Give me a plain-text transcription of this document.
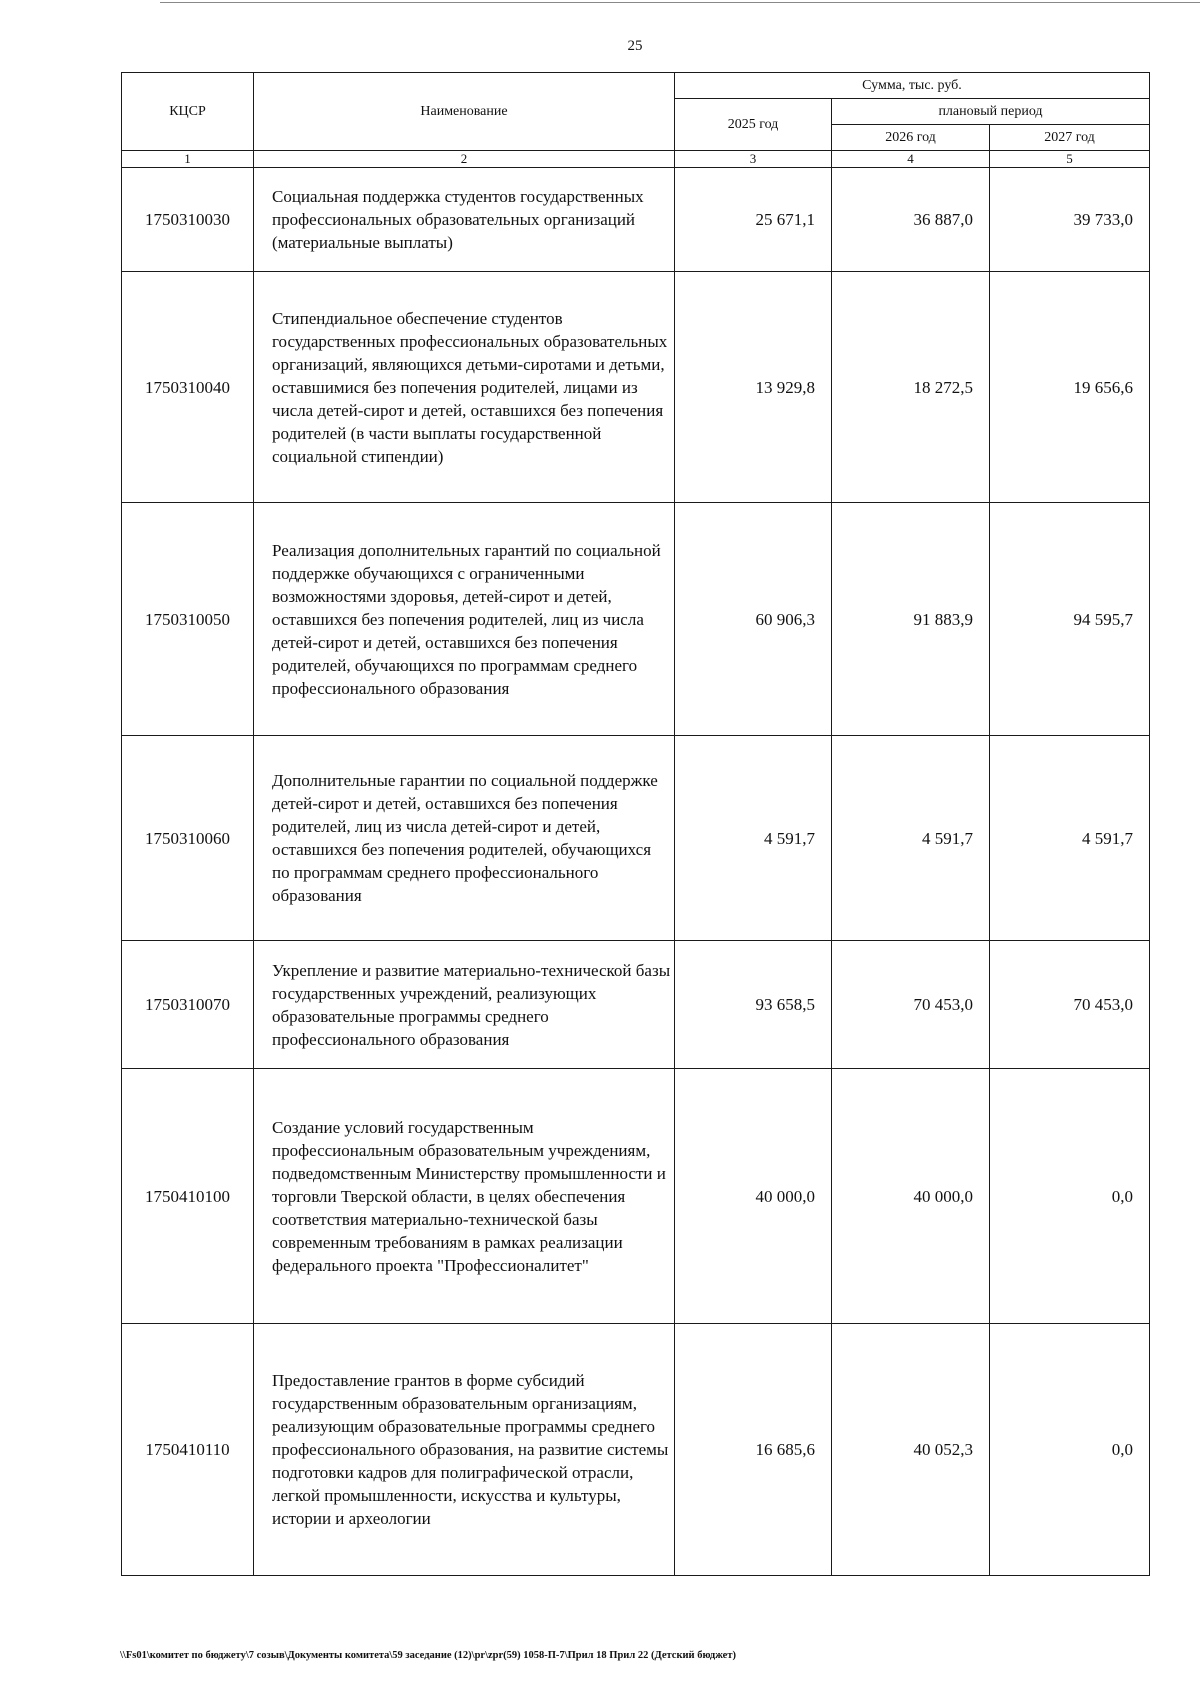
25
КЦСР	Наименование	Сумма, тыс. руб.		
		2025 год	плановый период	
			2026 год	2027 год
1	2	3	4	5
1750310030	Социальная поддержка студентов государственных профессиональных образовательных организаций (материальные выплаты)	25 671,1	36 887,0	39 733,0
1750310040	Стипендиальное обеспечение студентов государственных профессиональных образовательных организаций, являющихся детьми-сиротами и детьми, оставшимися без попечения родителей, лицами из числа детей-сирот и детей, оставшихся без попечения родителей (в части выплаты государственной социальной стипендии)	13 929,8	18 272,5	19 656,6
1750310050	Реализация дополнительных гарантий по социальной поддержке обучающихся с ограниченными возможностями здоровья, детей-сирот и детей, оставшихся без попечения родителей, лиц из числа детей-сирот и детей, оставшихся без попечения родителей, обучающихся по программам среднего профессионального образования	60 906,3	91 883,9	94 595,7
1750310060	Дополнительные гарантии по социальной поддержке детей-сирот и детей, оставшихся без попечения родителей, лиц из числа детей-сирот и детей, оставшихся без попечения родителей, обучающихся по программам среднего профессионального образования	4 591,7	4 591,7	4 591,7
1750310070	Укрепление и развитие материально-технической базы государственных учреждений, реализующих образовательные программы среднего профессионального образования	93 658,5	70 453,0	70 453,0
1750410100	Создание условий государственным профессиональным образовательным учреждениям, подведомственным Министерству промышленности и торговли Тверской области, в целях обеспечения соответствия материально-технической базы современным требованиям в рамках реализации федерального проекта "Профессионалитет"	40 000,0	40 000,0	0,0
1750410110	Предоставление грантов в форме субсидий государственным образовательным организациям, реализующим образовательные программы среднего профессионального образования, на развитие системы подготовки кадров для полиграфической отрасли, легкой промышленности, искусства и культуры, истории и археологии	16 685,6	40 052,3	0,0
\\Fs01\комитет по бюджету\7 созыв\Документы комитета\59 заседание (12)\pr\zpr(59) 1058-П-7\Прил 18 Прил 22 (Детский бюджет)
